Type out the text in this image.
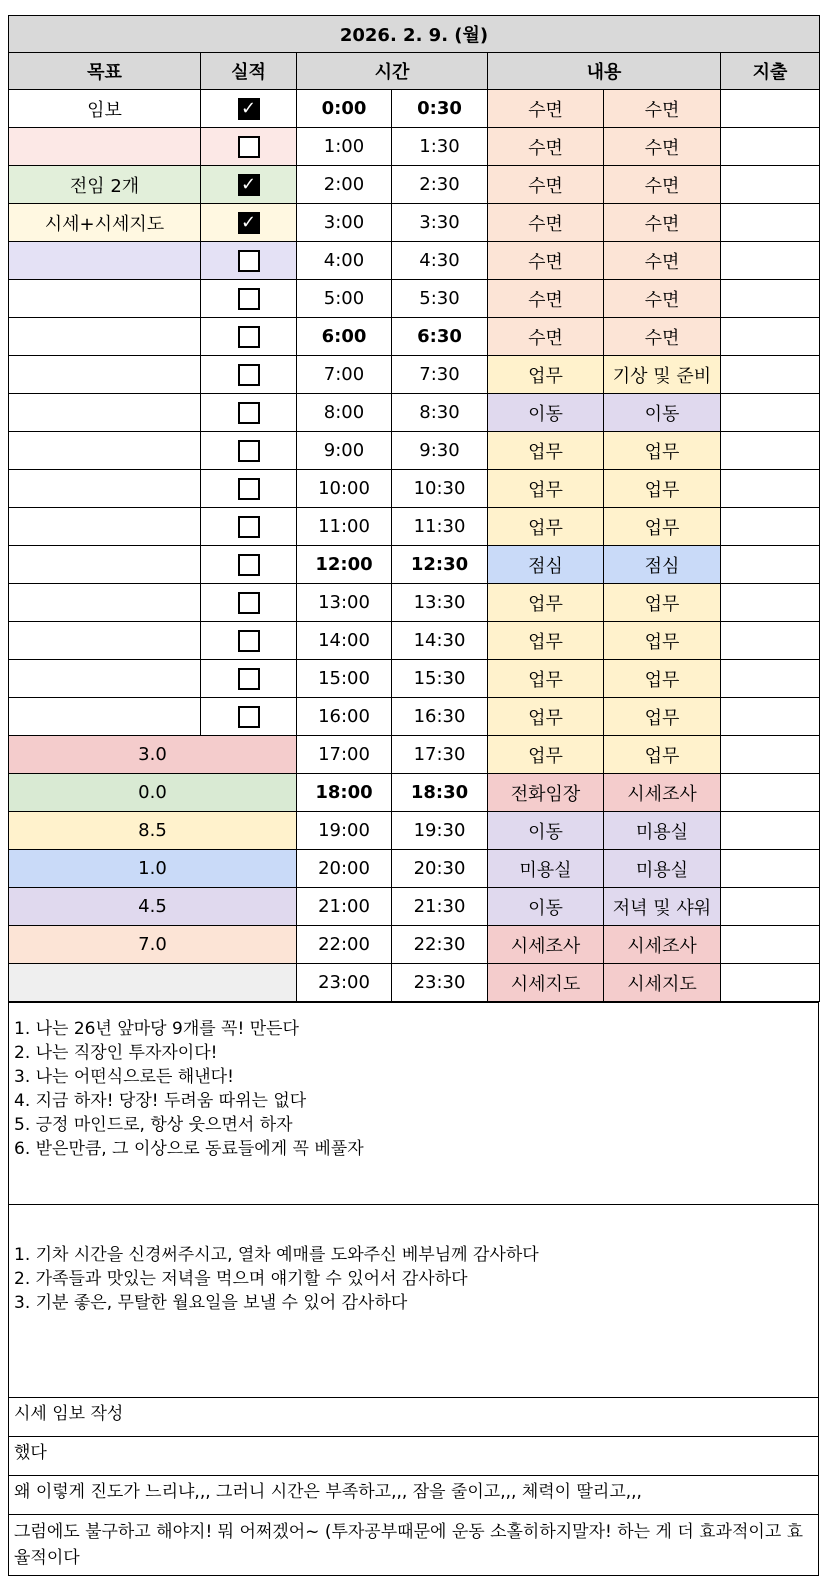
2026. 2. 9. (월)						
목표	실적	시간		내용		지출
임보	✓	0:00	0:30	수면	수면	
		1:00	1:30	수면	수면	
전임 2개	✓	2:00	2:30	수면	수면	
시세+시세지도	✓	3:00	3:30	수면	수면	
		4:00	4:30	수면	수면	
		5:00	5:30	수면	수면	
		6:00	6:30	수면	수면	
		7:00	7:30	업무	기상 및 준비	
		8:00	8:30	이동	이동	
		9:00	9:30	업무	업무	
		10:00	10:30	업무	업무	
		11:00	11:30	업무	업무	
		12:00	12:30	점심	점심	
		13:00	13:30	업무	업무	
		14:00	14:30	업무	업무	
		15:00	15:30	업무	업무	
		16:00	16:30	업무	업무	
3.0		17:00	17:30	업무	업무	
0.0		18:00	18:30	전화임장	시세조사	
8.5		19:00	19:30	이동	미용실	
1.0		20:00	20:30	미용실	미용실	
4.5		21:00	21:30	이동	저녁 및 샤워	
7.0		22:00	22:30	시세조사	시세조사	
		23:00	23:30	시세지도	시세지도	
1. 나는 26년 앞마당 9개를 꼭! 만든다
2. 나는 직장인 투자자이다!
3. 나는 어떤식으로든 해낸다!
4. 지금 하자! 당장! 두려움 따위는 없다
5. 긍정 마인드로, 항상 웃으면서 하자
6. 받은만큼, 그 이상으로 동료들에게 꼭 베풀자

1. 기차 시간을 신경써주시고, 열차 예매를 도와주신 베부님께 감사하다
2. 가족들과 맛있는 저녁을 먹으며 얘기할 수 있어서 감사하다
3. 기분 좋은, 무탈한 월요일을 보낼 수 있어 감사하다

시세 임보 작성
했다
왜 이렇게 진도가 느리냐,,, 그러니 시간은 부족하고,,, 잠을 줄이고,,, 체력이 딸리고,,,
그럼에도 불구하고 해야지! 뭐 어쩌겠어~ (투자공부때문에 운동 소홀히하지말자! 하는 게 더 효과적이고 효율적이다
